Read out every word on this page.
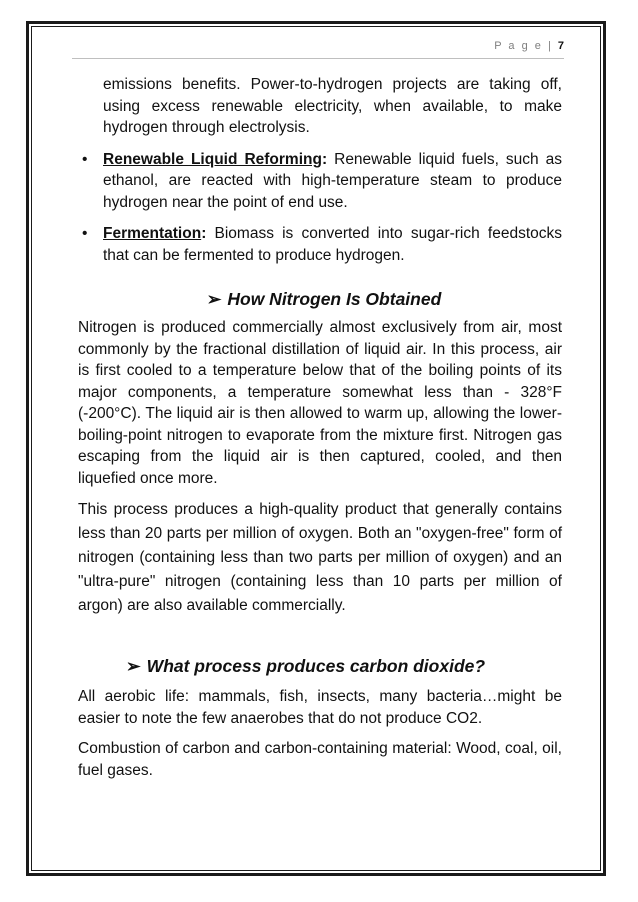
P a g e | 7

emissions benefits. Power-to-hydrogen projects are taking off, using excess renewable electricity, when available, to make hydrogen through electrolysis.

• Renewable Liquid Reforming: Renewable liquid fuels, such as ethanol, are reacted with high-temperature steam to produce hydrogen near the point of end use.

• Fermentation: Biomass is converted into sugar-rich feedstocks that can be fermented to produce hydrogen.

➢ How Nitrogen Is Obtained

Nitrogen is produced commercially almost exclusively from air, most commonly by the fractional distillation of liquid air. In this process, air is first cooled to a temperature below that of the boiling points of its major components, a temperature somewhat less than - 328°F (-200°C). The liquid air is then allowed to warm up, allowing the lower-boiling-point nitrogen to evaporate from the mixture first. Nitrogen gas escaping from the liquid air is then captured, cooled, and then liquefied once more.

This process produces a high-quality product that generally contains less than 20 parts per million of oxygen. Both an "oxygen-free" form of nitrogen (containing less than two parts per million of oxygen) and an "ultra-pure" nitrogen (containing less than 10 parts per million of argon) are also available commercially.

➢ What process produces carbon dioxide?

All aerobic life: mammals, fish, insects, many bacteria…might be easier to note the few anaerobes that do not produce CO2.

Combustion of carbon and carbon-containing material: Wood, coal, oil, fuel gases.
